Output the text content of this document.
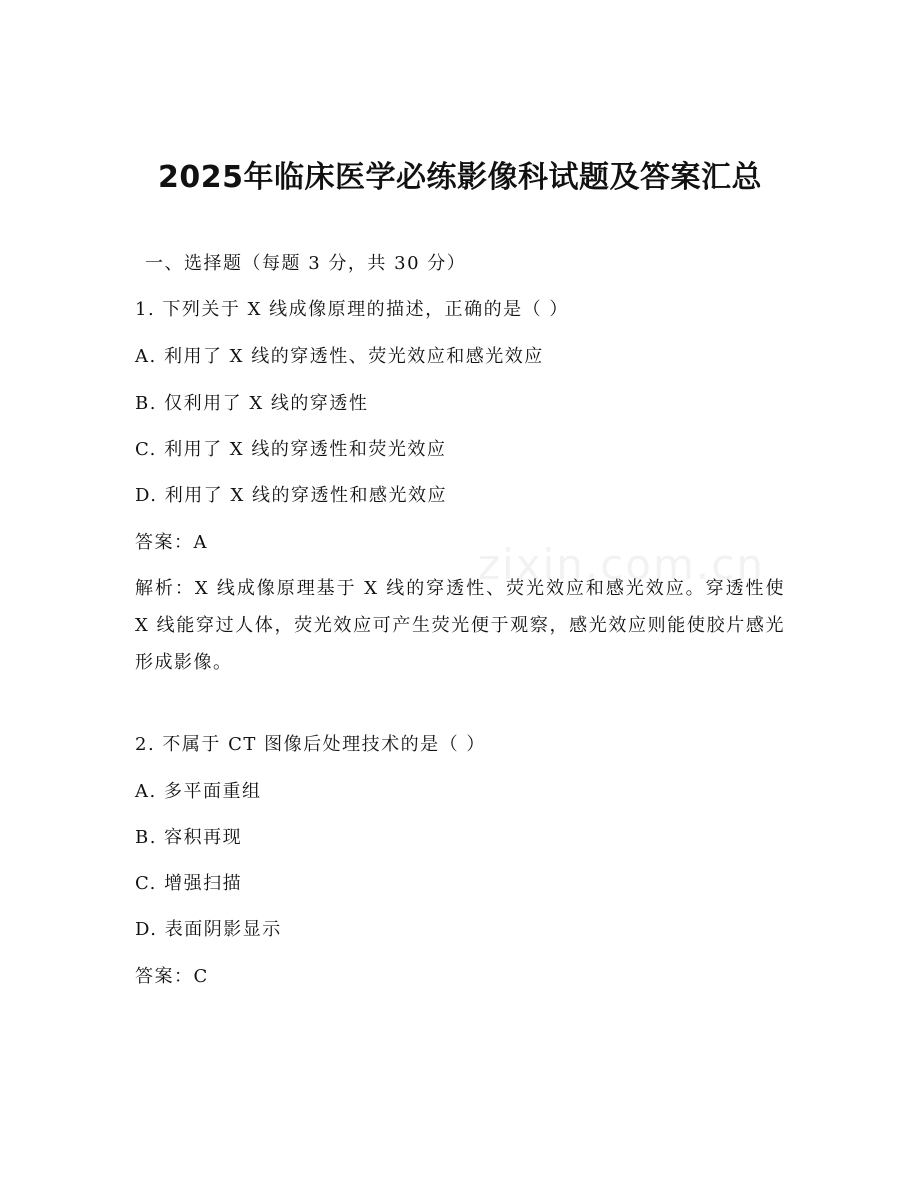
zixin.com.cn
2025年临床医学必练影像科试题及答案汇总
一、选择题（每题 3 分，共 30 分）
1. 下列关于 X 线成像原理的描述，正确的是（ ）
A. 利用了 X 线的穿透性、荧光效应和感光效应
B. 仅利用了 X 线的穿透性
C. 利用了 X 线的穿透性和荧光效应
D. 利用了 X 线的穿透性和感光效应
答案：A
解析：X 线成像原理基于 X 线的穿透性、荧光效应和感光效应。穿透性使 X 线能穿过人体，荧光效应可产生荧光便于观察，感光效应则能使胶片感光形成影像。
2. 不属于 CT 图像后处理技术的是（ ）
A. 多平面重组
B. 容积再现
C. 增强扫描
D. 表面阴影显示
答案：C
